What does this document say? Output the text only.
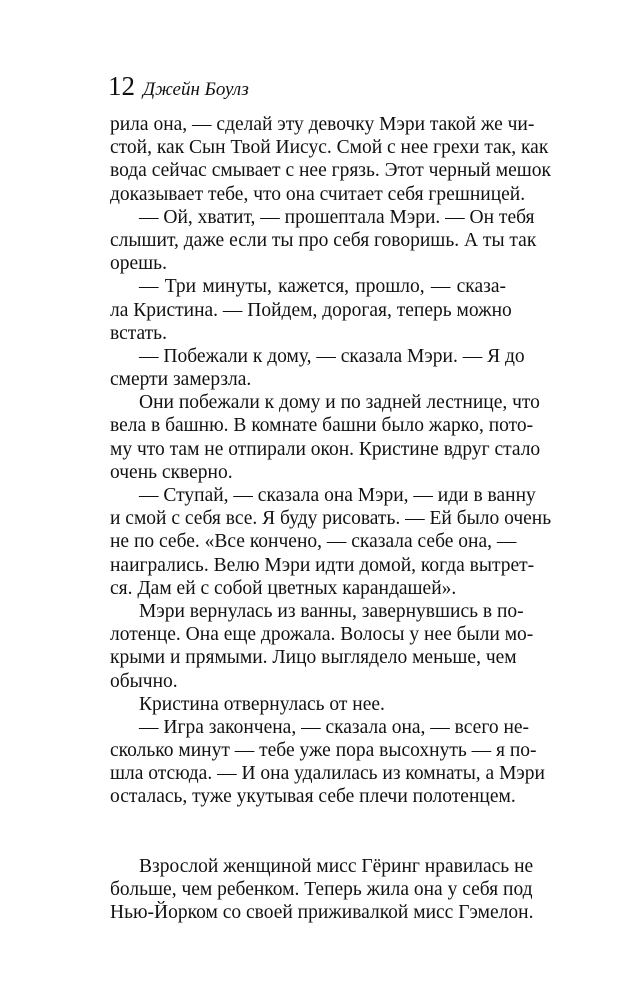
12 Джейн Боулз
рила она, — сделай эту девочку Мэри такой же чи-
стой, как Сын Твой Иисус. Смой с нее грехи так, как
вода сейчас смывает с нее грязь. Этот черный мешок
доказывает тебе, что она считает себя грешницей.
— Ой, хватит, — прошептала Мэри. — Он тебя
слышит, даже если ты про себя говоришь. А ты так
орешь.
— Три минуты, кажется, прошло, — сказа-
ла Кристина. — Пойдем, дорогая, теперь можно
встать.
— Побежали к дому, — сказала Мэри. — Я до
смерти замерзла.
Они побежали к дому и по задней лестнице, что
вела в башню. В комнате башни было жарко, пото-
му что там не отпирали окон. Кристине вдруг стало
очень скверно.
— Ступай, — сказала она Мэри, — иди в ванну
и смой с себя все. Я буду рисовать. — Ей было очень
не по себе. «Все кончено, — сказала себе она, —
наигрались. Велю Мэри идти домой, когда вытрет-
ся. Дам ей с собой цветных карандашей».
Мэри вернулась из ванны, завернувшись в по-
лотенце. Она еще дрожала. Волосы у нее были мо-
крыми и прямыми. Лицо выглядело меньше, чем
обычно.
Кристина отвернулась от нее.
— Игра закончена, — сказала она, — всего не-
сколько минут — тебе уже пора высохнуть — я по-
шла отсюда. — И она удалилась из комнаты, а Мэри
осталась, туже укутывая себе плечи полотенцем.
Взрослой женщиной мисс Гёринг нравилась не
больше, чем ребенком. Теперь жила она у себя под
Нью-Йорком со своей приживалкой мисс Гэмелон.
